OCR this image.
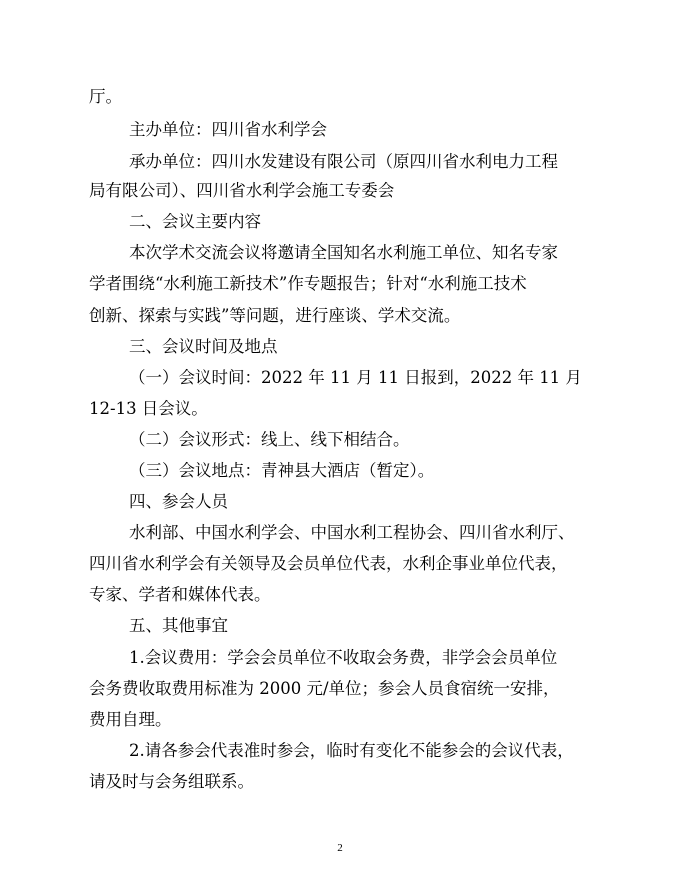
厅。
主办单位：四川省水利学会
承办单位：四川水发建设有限公司（原四川省水利电力工程
局有限公司）、四川省水利学会施工专委会
二、会议主要内容
本次学术交流会议将邀请全国知名水利施工单位、知名专家
学者围绕“水利施工新技术”作专题报告；针对“水利施工技术
创新、探索与实践”等问题，进行座谈、学术交流。
三、会议时间及地点
（一）会议时间：2022 年 11 月 11 日报到，2022 年 11 月
12-13 日会议。
（二）会议形式：线上、线下相结合。
（三）会议地点：青神县大酒店（暂定）。
四、参会人员
水利部、中国水利学会、中国水利工程协会、四川省水利厅、
四川省水利学会有关领导及会员单位代表，水利企事业单位代表，
专家、学者和媒体代表。
五、其他事宜
1.会议费用：学会会员单位不收取会务费，非学会会员单位
会务费收取费用标准为 2000 元/单位；参会人员食宿统一安排，
费用自理。
2.请各参会代表准时参会，临时有变化不能参会的会议代表，
请及时与会务组联系。
2
